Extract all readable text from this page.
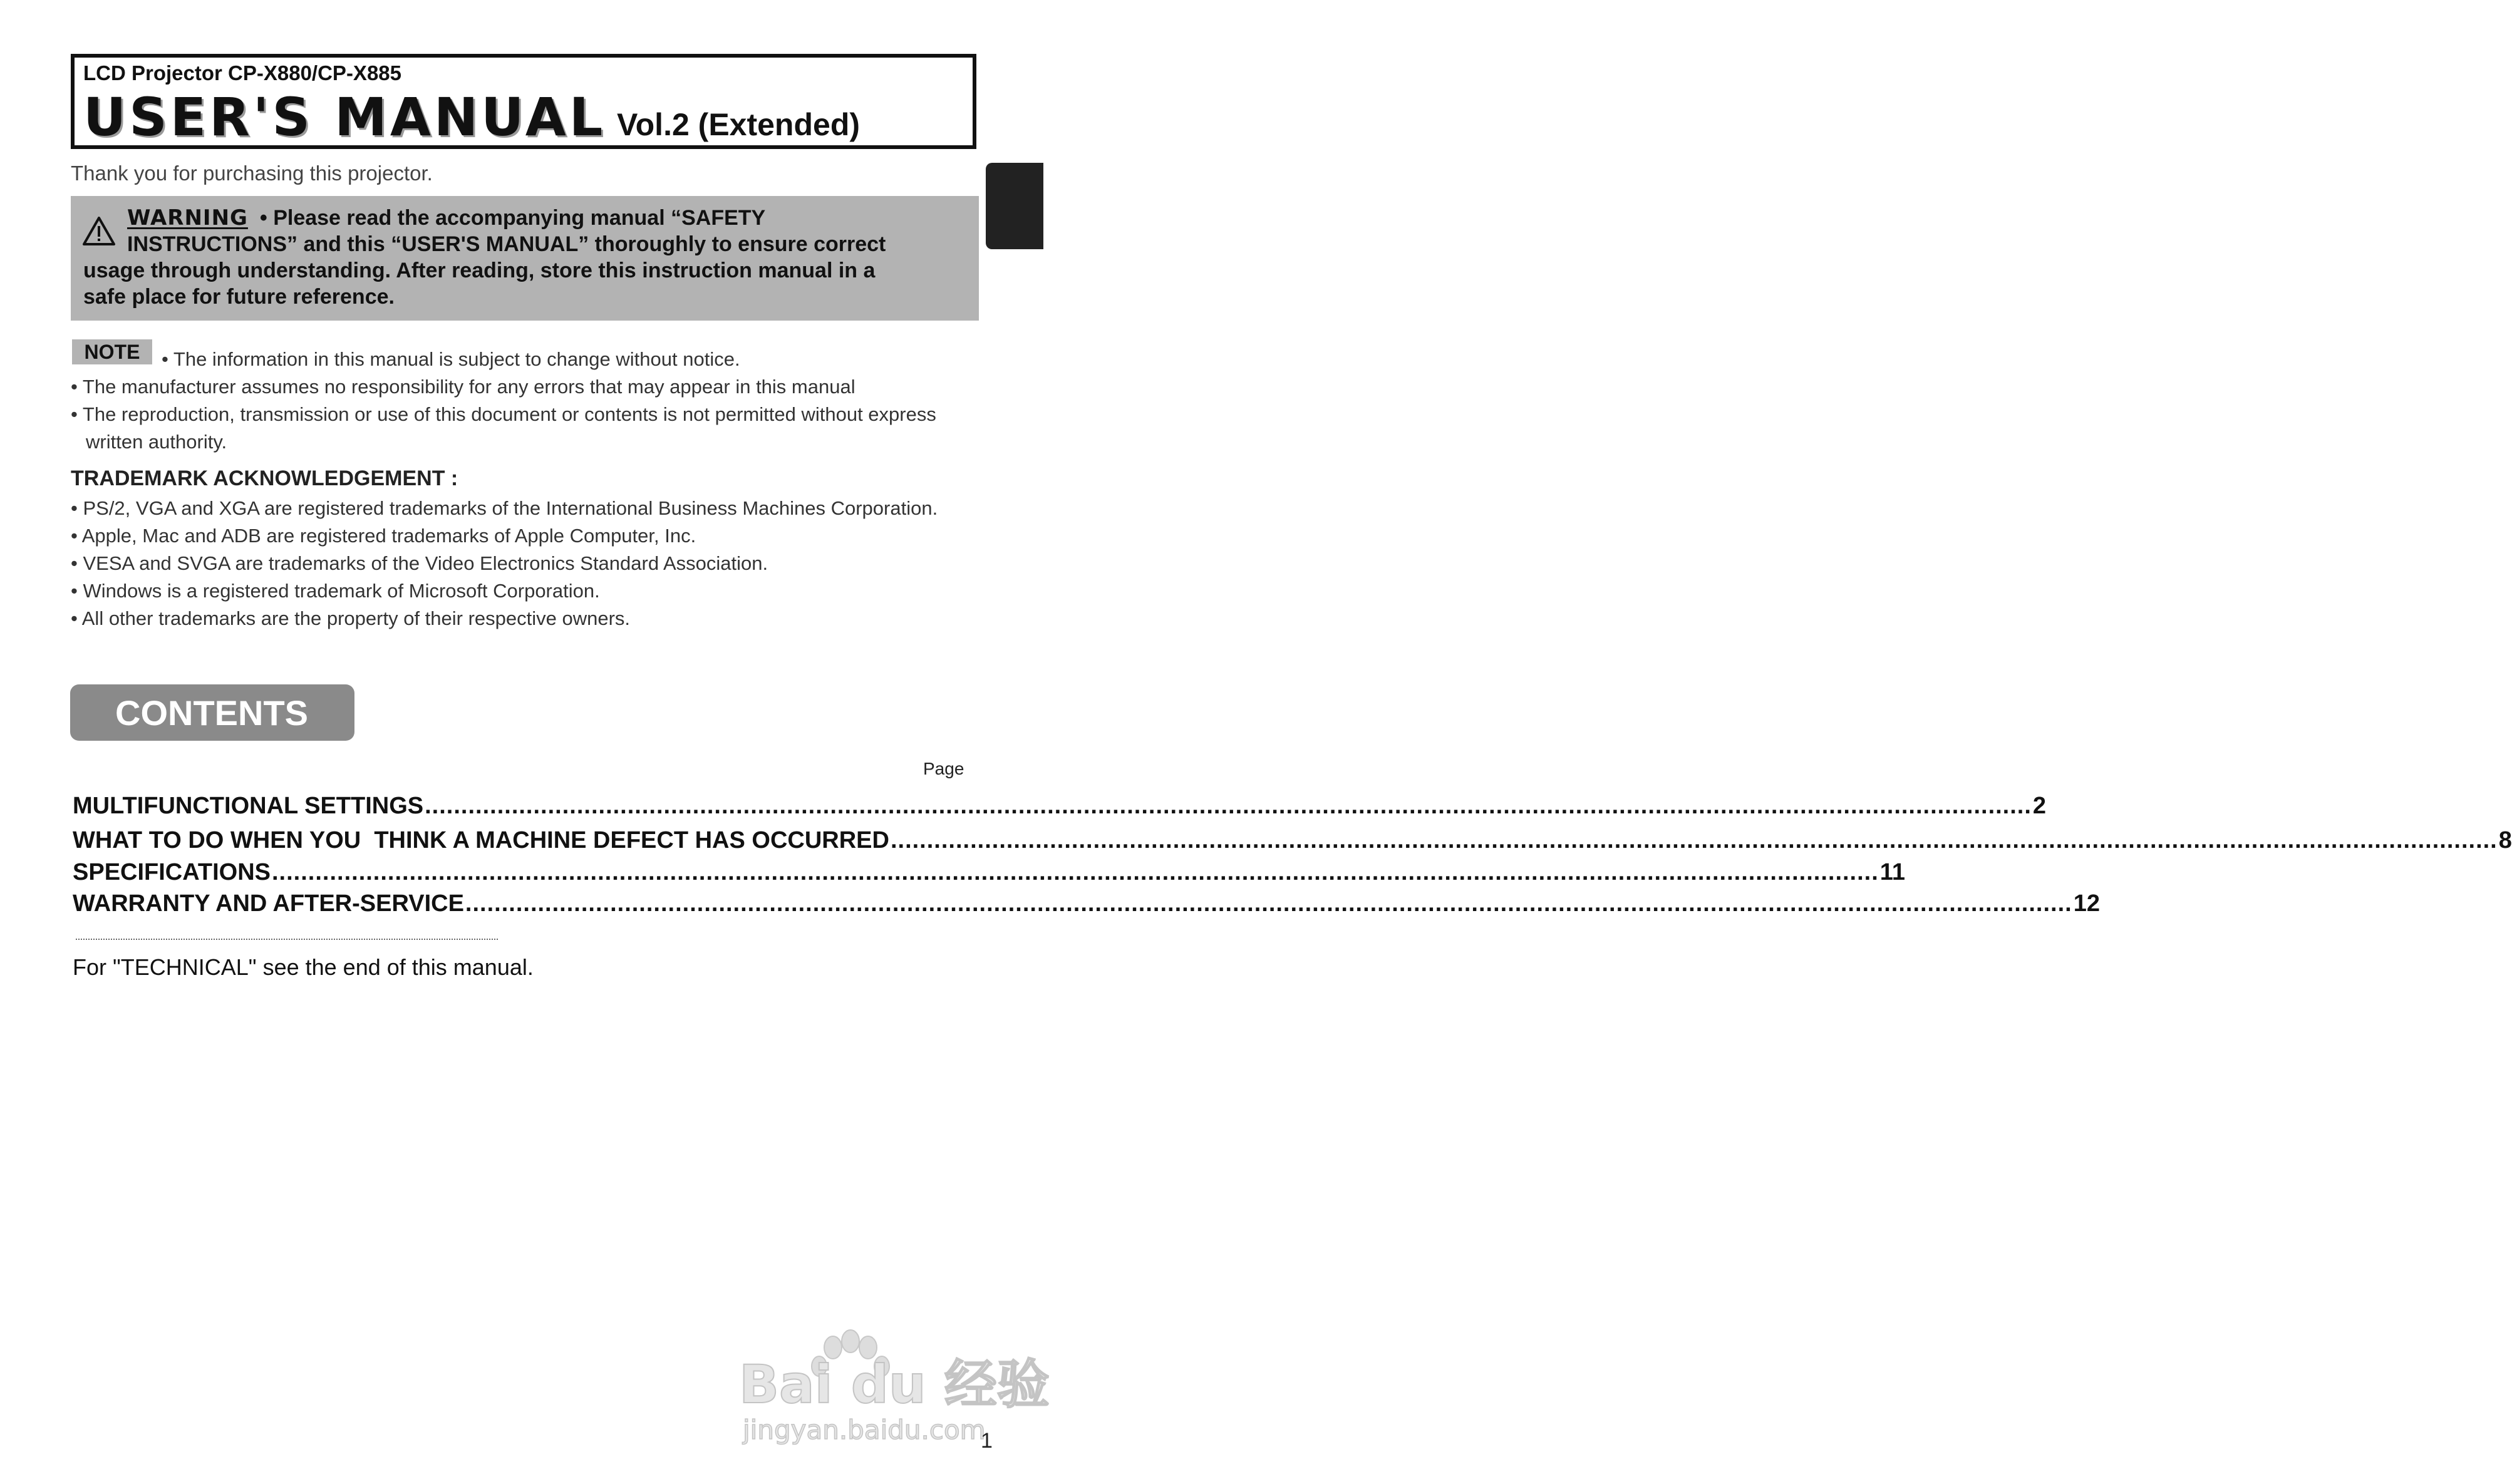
LCD Projector CP-X880/CP-X885
USER'S MANUAL Vol.2 (Extended)
Thank you for purchasing this projector.
WARNING • Please read the accompanying manual “SAFETY
INSTRUCTIONS” and this “USER'S MANUAL” thoroughly to ensure correct
usage through understanding. After reading, store this instruction manual in a
safe place for future reference.
NOTE	• The information in this manual is subject to change without notice.
• The manufacturer assumes no responsibility for any errors that may appear in this manual
• The reproduction, transmission or use of this document or contents is not permitted without express
written authority.
TRADEMARK ACKNOWLEDGEMENT :
• PS/2, VGA and XGA are registered trademarks of the International Business Machines Corporation.
• Apple, Mac and ADB are registered trademarks of Apple Computer, Inc.
• VESA and SVGA are trademarks of the Video Electronics Standard Association.
• Windows is a registered trademark of Microsoft Corporation.
• All other trademarks are the property of their respective owners.
CONTENTS
Page
MULTIFUNCTIONAL SETTINGS .....	2
WHAT TO DO WHEN YOU  THINK A MACHINE DEFECT HAS OCCURRED .....	8
SPECIFICATIONS .....	11
WARRANTY AND AFTER-SERVICE .....	12
For "TECHNICAL" see the end of this manual.
Bai du 经验
jingyan.baidu.com
1
